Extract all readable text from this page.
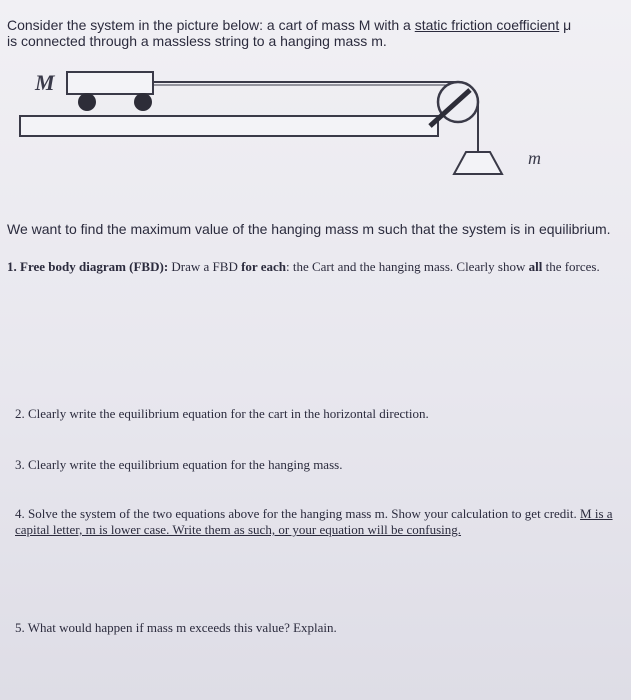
Consider the system in the picture below: a cart of mass M with a static friction coefficient μ
is connected through a massless string to a hanging mass m.
M
m
We want to find the maximum value of the hanging mass m such that the system is in equilibrium.
1. Free body diagram (FBD): Draw a FBD for each: the Cart and the hanging mass. Clearly show all the forces.
2. Clearly write the equilibrium equation for the cart in the horizontal direction.
3. Clearly write the equilibrium equation for the hanging mass.
4. Solve the system of the two equations above for the hanging mass m. Show your calculation to get credit. M is a capital letter, m is lower case. Write them as such, or your equation will be confusing.
5. What would happen if mass m exceeds this value? Explain.
